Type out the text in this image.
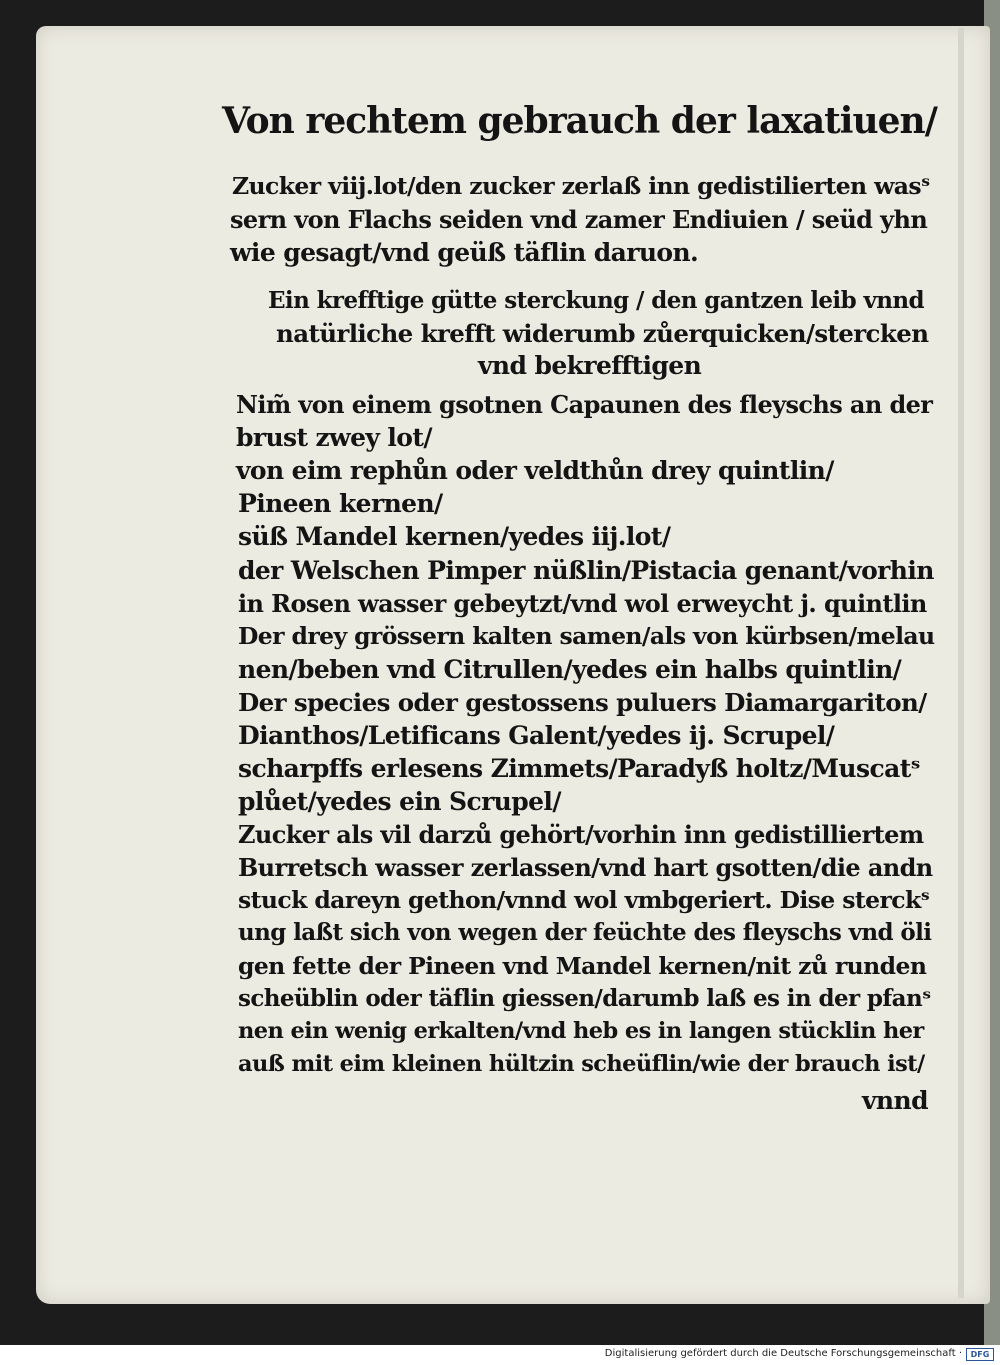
Von rechtem gebrauch der laxatiuen/
Zucker viij.lot/den zucker zerlaß inn gedistilierten wasˢ
sern von Flachs seiden vnd zamer Endiuien / seüd yhn
wie gesagt/vnd geüß täflin daruon.
Ein krefftige gütte sterckung / den gantzen leib vnnd
natürliche krefft widerumb zůerquicken/stercken
vnd bekrefftigen
Nim̃ von einem gsotnen Capaunen des fleyschs an der
brust zwey lot/
von eim rephůn oder veldthůn drey quintlin/
Pineen kernen/
süß Mandel kernen/yedes iij.lot/
der Welschen Pimper nüßlin/Pistacia genant/vorhin
in Rosen wasser gebeytzt/vnd wol erweycht j. quintlin
Der drey grössern kalten samen/als von kürbsen/melau
nen/beben vnd Citrullen/yedes ein halbs quintlin/
Der species oder gestossens puluers Diamargariton/
Dianthos/Letificans Galent/yedes ij. Scrupel/
scharpffs erlesens Zimmets/Paradyß holtz/Muscatˢ
plůet/yedes ein Scrupel/
Zucker als vil darzů gehört/vorhin inn gedistilliertem
Burretsch wasser zerlassen/vnd hart gsotten/die andn
stuck dareyn gethon/vnnd wol vmbgeriert. Dise sterckˢ
ung laßt sich von wegen der feüchte des fleyschs vnd öli
gen fette der Pineen vnd Mandel kernen/nit zů runden
scheüblin oder täflin giessen/darumb laß es in der pfanˢ
nen ein wenig erkalten/vnd heb es in langen stücklin her
auß mit eim kleinen hültzin scheüflin/wie der brauch ist/
vnnd
Digitalisierung gefördert durch die Deutsche Forschungsgemeinschaft ·	DFG
